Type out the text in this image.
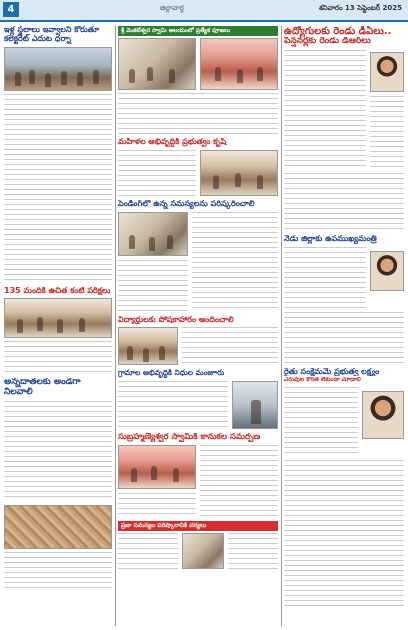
4	జిల్లావార్త	శనివారం 13 సెప్టెంబర్ 2025
ఇళ్ల స్థలాలు ఇవ్వాలని కోరుతూ కలెక్టరేట్ ఎదుట ధర్నా
135 మందికి ఉచిత కంటి పరీక్షలు
అన్నదాతలకు అండగా నిలవాలి
శ్రీ వెంకటేశ్వర స్వామి ఆలయంలో ప్రత్యేక పూజలు
మహిళల అభివృద్ధికి ప్రభుత్వం కృషి
పెండింగ్‌లో ఉన్న సమస్యలను పరిష్కరించాలి
విద్యార్థులకు పోషకాహారం అందించాలి
గ్రామాల అభివృద్ధికి నిధుల మంజూరు
సుబ్రహ్మణ్యేశ్వర స్వామికి కానుకల సమర్పణ
ప్రజా సమస్యల పరిష్కారానికి చర్యలు
ఉద్యోగులకు రెండు డీఏలు..
పెన్షనర్లకు రెండు డీఆర్‌లు
నేడు జిల్లాకు ఉపముఖ్యమంత్రి
రైతు సంక్షేమమే ప్రభుత్వ లక్ష్యం
ఎరువుల కొరత లేకుండా చూడాలి
